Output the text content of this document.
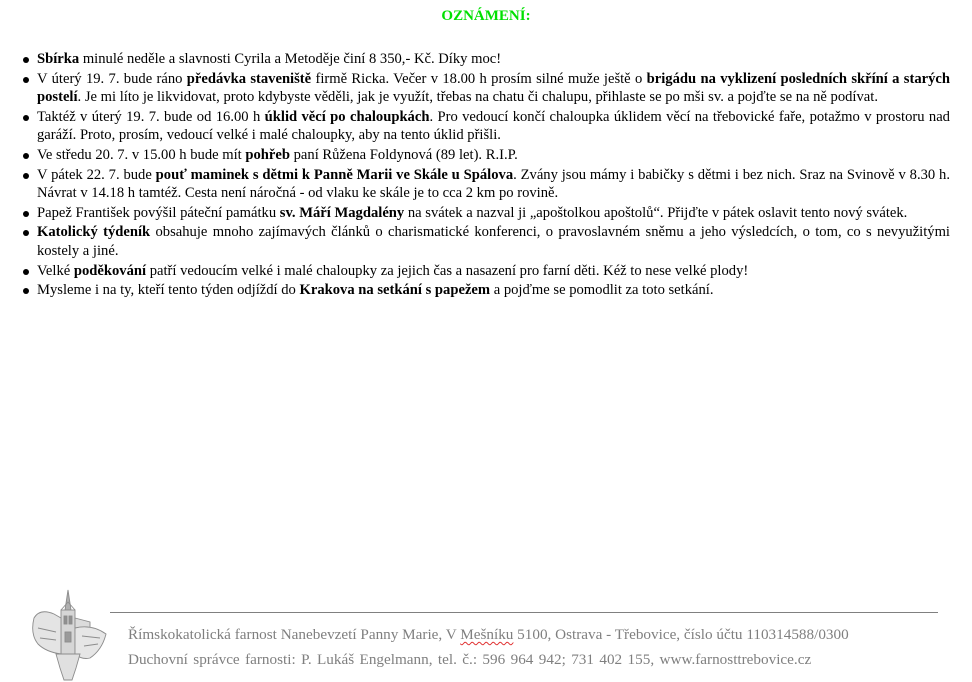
OZNÁMENÍ:
Sbírka minulé neděle a slavnosti Cyrila a Metoděje činí 8 350,- Kč. Díky moc!
V úterý 19. 7. bude ráno předávka staveniště firmě Ricka. Večer v 18.00 h prosím silné muže ještě o brigádu na vyklizení posledních skříní a starých postelí. Je mi líto je likvidovat, proto kdybyste věděli, jak je využít, třebas na chatu či chalupu, přihlaste se po mši sv. a pojďte se na ně podívat.
Taktéž v úterý 19. 7. bude od 16.00 h úklid věcí po chaloupkách. Pro vedoucí končí chaloupka úklidem věcí na třebovické faře, potažmo v prostoru nad garáží. Proto, prosím, vedoucí velké i malé chaloupky, aby na tento úklid přišli.
Ve středu 20. 7. v 15.00 h bude mít pohřeb paní Růžena Foldynová (89 let). R.I.P.
V pátek 22. 7. bude pouť maminek s dětmi k Panně Marii ve Skále u Spálova. Zvány jsou mámy i babičky s dětmi i bez nich. Sraz na Svinově v 8.30 h. Návrat v 14.18 h tamtéž. Cesta není náročná - od vlaku ke skále je to cca 2 km po rovině.
Papež František povýšil páteční památku sv. Máří Magdalény na svátek a nazval ji „apoštolkou apoštolů“. Přijďte v pátek oslavit tento nový svátek.
Katolický týdeník obsahuje mnoho zajímavých článků o charismatické konferenci, o pravoslavném sněmu a jeho výsledcích, o tom, co s nevyužitými kostely a jiné.
Velké poděkování patří vedoucím velké i malé chaloupky za jejich čas a nasazení pro farní děti. Kéž to nese velké plody!
Mysleme i na ty, kteří tento týden odjíždí do Krakova na setkání s papežem a pojďme se pomodlit za toto setkání.
Římskokatolická farnost Nanebevzetí Panny Marie, V Mešníku 5100, Ostrava - Třebovice, číslo účtu 110314588/0300
Duchovní správce farnosti: P. Lukáš Engelmann, tel. č.: 596 964 942; 731 402 155, www.farnosttrebovice.cz
